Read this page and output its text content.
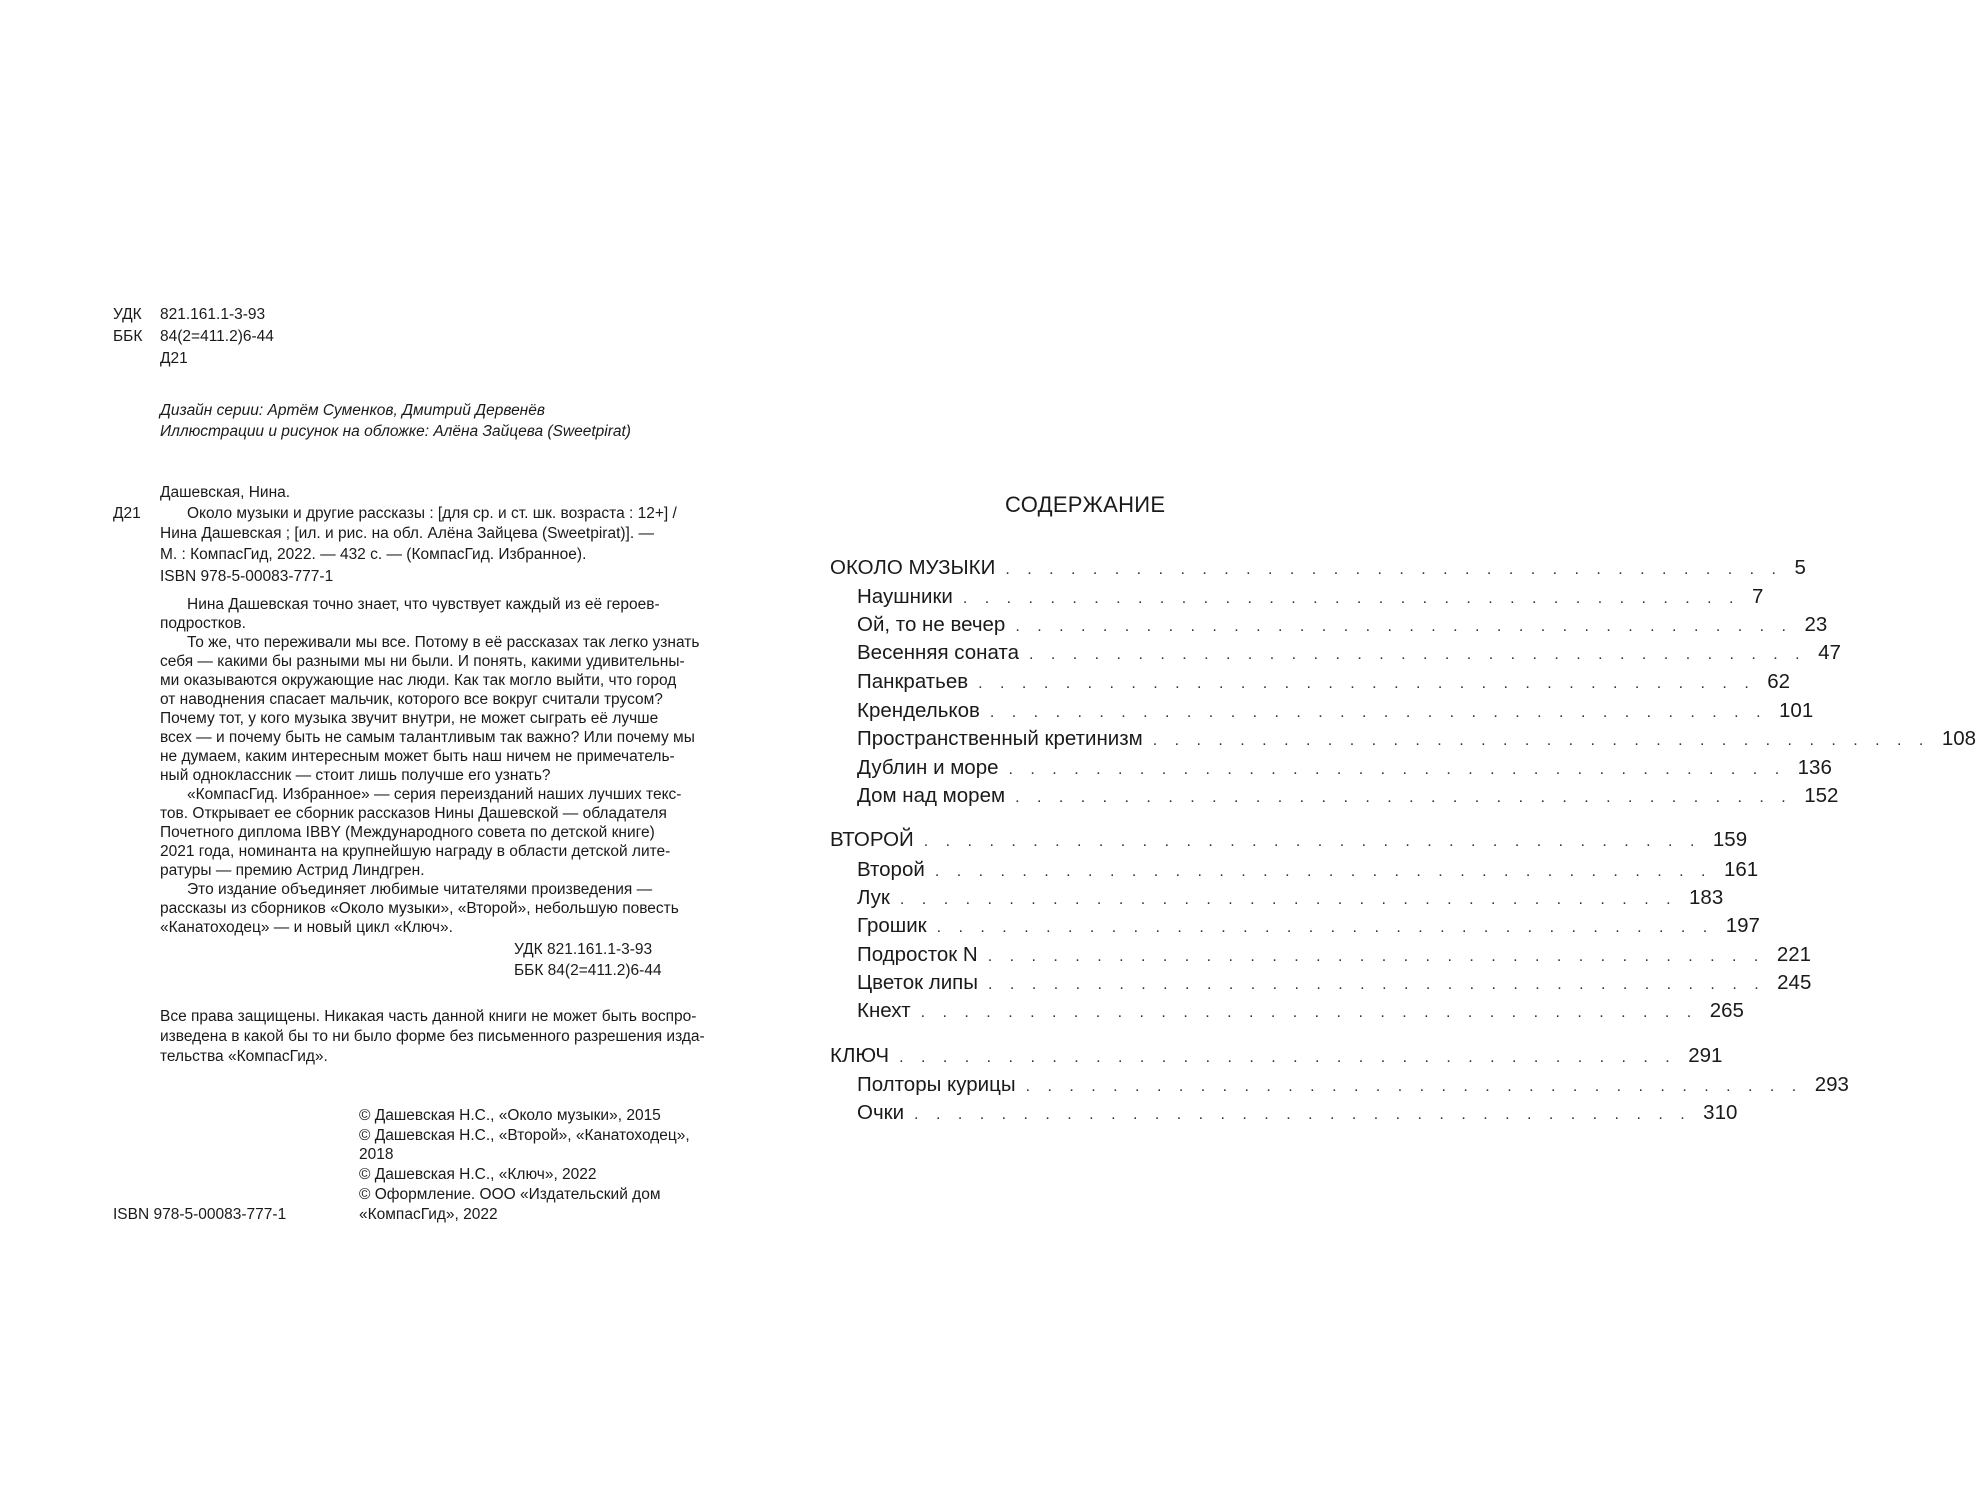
УДК 821.161.1-3-93
ББК 84(2=411.2)6-44
Д21
Дизайн серии: Артём Суменков, Дмитрий Дервенёв
Иллюстрации и рисунок на обложке: Алёна Зайцева (Sweetpirat)
Дашевская, Нина.
Д21	Около музыки и другие рассказы : [для ср. и ст. шк. возраста : 12+] /
Нина Дашевская ; [ил. и рис. на обл. Алёна Зайцева (Sweetpirat)]. —
М. : КомпасГид, 2022. — 432 с. — (КомпасГид. Избранное).
ISBN 978-5-00083-777-1
Нина Дашевская точно знает, что чувствует каждый из её героев-
подростков.
То же, что переживали мы все. Потому в её рассказах так легко узнать
себя — какими бы разными мы ни были. И понять, какими удивительны-
ми оказываются окружающие нас люди. Как так могло выйти, что город
от наводнения спасает мальчик, которого все вокруг считали трусом?
Почему тот, у кого музыка звучит внутри, не может сыграть её лучше
всех — и почему быть не самым талантливым так важно? Или почему мы
не думаем, каким интересным может быть наш ничем не примечатель-
ный одноклассник — стоит лишь получше его узнать?
«КомпасГид. Избранное» — серия переизданий наших лучших текс-
тов. Открывает ее сборник рассказов Нины Дашевской — обладателя
Почетного диплома IBBY (Международного совета по детской книге)
2021 года, номинанта на крупнейшую награду в области детской лите-
ратуры — премию Астрид Линдгрен.
Это издание объединяет любимые читателями произведения —
рассказы из сборников «Около музыки», «Второй», небольшую повесть
«Канатоходец» — и новый цикл «Ключ».
УДК 821.161.1-3-93
ББК 84(2=411.2)6-44
Все права защищены. Никакая часть данной книги не может быть воспро-
изведена в какой бы то ни было форме без письменного разрешения изда-
тельства «КомпасГид».
© Дашевская Н.С., «Около музыки», 2015
© Дашевская Н.С., «Второй», «Канатоходец»,
2018
© Дашевская Н.С., «Ключ», 2022
© Оформление. ООО «Издательский дом
«КомпасГид», 2022
ISBN 978-5-00083-777-1
СОДЕРЖАНИЕ
ОКОЛО МУЗЫКИ . . . . . . . . . . . . . . . . . . . . . . . . . . . . . . . . . . . . 5
Наушники . . . . . . . . . . . . . . . . . . . . . . . . . . . . . . . . . . . . 7
Ой, то не вечер . . . . . . . . . . . . . . . . . . . . . . . . . . . . . . . . . . . . 23
Весенняя соната . . . . . . . . . . . . . . . . . . . . . . . . . . . . . . . . . . . . 47
Панкратьев . . . . . . . . . . . . . . . . . . . . . . . . . . . . . . . . . . . . 62
Крендельков . . . . . . . . . . . . . . . . . . . . . . . . . . . . . . . . . . . . 101
Пространственный кретинизм . . . . . . . . . . . . . . . . . . . . . . . . . . . . . . . . . . . . 108
Дублин и море . . . . . . . . . . . . . . . . . . . . . . . . . . . . . . . . . . . . 136
Дом над морем . . . . . . . . . . . . . . . . . . . . . . . . . . . . . . . . . . . . 152
ВТОРОЙ . . . . . . . . . . . . . . . . . . . . . . . . . . . . . . . . . . . . 159
Второй . . . . . . . . . . . . . . . . . . . . . . . . . . . . . . . . . . . . 161
Лук . . . . . . . . . . . . . . . . . . . . . . . . . . . . . . . . . . . . 183
Грошик . . . . . . . . . . . . . . . . . . . . . . . . . . . . . . . . . . . . 197
Подросток N . . . . . . . . . . . . . . . . . . . . . . . . . . . . . . . . . . . . 221
Цветок липы . . . . . . . . . . . . . . . . . . . . . . . . . . . . . . . . . . . . 245
Кнехт . . . . . . . . . . . . . . . . . . . . . . . . . . . . . . . . . . . . 265
КЛЮЧ . . . . . . . . . . . . . . . . . . . . . . . . . . . . . . . . . . . . 291
Полторы курицы . . . . . . . . . . . . . . . . . . . . . . . . . . . . . . . . . . . . 293
Очки . . . . . . . . . . . . . . . . . . . . . . . . . . . . . . . . . . . . 310
